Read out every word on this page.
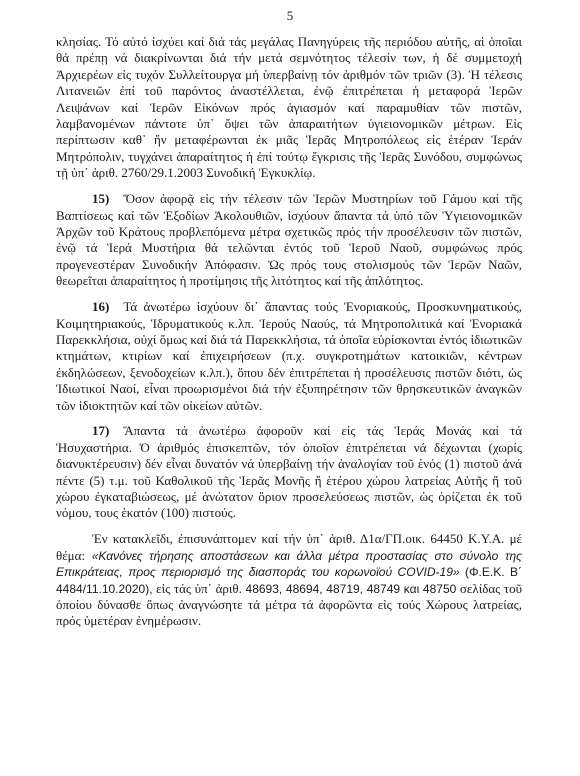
5

κλησίας. Τό αὐτό ἰσχύει καί διά τάς μεγάλας Πανηγύρεις τῆς περιόδου αὐτῆς, αἱ ὁποῖαι θά πρέπῃ νά διακρίνωνται διά τήν μετά σεμνότητος τέλεσίν των, ἡ δέ συμμετοχή Ἀρχιερέων εἰς τυχόν Συλλείτουργα μή ὑπερβαίνῃ τόν ἀριθμόν τῶν τριῶν (3). Ἡ τέλεσις Λιτανειῶν ἐπί τοῦ παρόντος ἀναστέλλεται, ἐνῷ ἐπιτρέπεται ἡ μεταφορά Ἱερῶν Λειψάνων καί Ἱερῶν Εἰκόνων πρός ἁγιασμόν καί παραμυθίαν τῶν πιστῶν, λαμβανομένων πάντοτε ὑπ᾽ ὄψει τῶν ἀπαραιτήτων ὑγιειονομικῶν μέτρων. Εἰς περίπτωσιν καθ᾽ ἥν μεταφέρωνται ἐκ μιᾶς Ἱερᾶς Μητροπόλεως εἰς ἑτέραν Ἱεράν Μητρόπολιν, τυγχάνει ἀπαραίτητος ἡ ἐπί τούτῳ ἔγκρισις τῆς Ἱερᾶς Συνόδου, συμφώνως τῇ ὑπ᾽ ἀριθ. 2760/29.1.2003 Συνοδική Ἐγκυκλίῳ.

15) Ὅσον ἀφορᾷ εἰς τήν τέλεσιν τῶν Ἱερῶν Μυστηρίων τοῦ Γάμου καί τῆς Βαπτίσεως καί τῶν Ἐξοδίων Ἀκολουθιῶν, ἰσχύουν ἅπαντα τά ὑπό τῶν Ὑγιειονομικῶν Ἀρχῶν τοῦ Κράτους προβλεπόμενα μέτρα σχετικῶς πρός τήν προσέλευσιν τῶν πιστῶν, ἐνῷ τά Ἱερά Μυστήρια θά τελῶνται ἐντός τοῦ Ἱεροῦ Ναοῦ, συμφώνως πρός προγενεστέραν Συνοδικήν Ἀπόφασιν. Ὡς πρός τους στολισμούς τῶν Ἱερῶν Ναῶν, θεωρεῖται ἀπαραίτητος ἡ προτίμησις τῆς λιτότητος καί τῆς ἁπλότητος.

16) Τά ἀνωτέρω ἰσχύουν δι᾽ ἅπαντας τούς Ἐνοριακούς, Προσκυνηματικούς, Κοιμητηριακούς, Ἱδρυματικούς κ.λπ. Ἱερούς Ναούς, τά Μητροπολιτικά καί Ἐνοριακά Παρεκκλήσια, οὐχί ὅμως καί διά τά Παρεκκλήσια, τά ὁποῖα εὑρίσκονται ἐντός ἰδιωτικῶν κτημάτων, κτιρίων καί ἐπιχειρήσεων (π.χ. συγκροτημάτων κατοικιῶν, κέντρων ἐκδηλώσεων, ξενοδοχείων κ.λπ.), ὅπου δέν ἐπιτρέπεται ἡ προσέλευσις πιστῶν διότι, ὡς Ἰδιωτικοί Ναοί, εἶναι προωρισμένοι διά τήν ἐξυπηρέτησιν τῶν θρησκευτικῶν ἀναγκῶν τῶν ἰδιοκτητῶν καί τῶν οἰκείων αὐτῶν.

17) Ἅπαντα τά ἀνωτέρω ἀφοροῦν καί εἰς τάς Ἱεράς Μονάς καί τά Ἡσυχαστήρια. Ὁ ἀριθμός ἐπισκεπτῶν, τόν ὁποῖον ἐπιτρέπεται νά δέχωνται (χωρίς διανυκτέρευσιν) δέν εἶναι δυνατόν νά ὑπερβαίνῃ τήν ἀναλογίαν τοῦ ἑνός (1) πιστοῦ ἀνά πέντε (5) τ.μ. τοῦ Καθολικοῦ τῆς Ἱερᾶς Μονῆς ἤ ἑτέρου χώρου λατρείας Αὐτῆς ἤ τοῦ χώρου ἐγκαταβιώσεως, μέ ἀνώτατον ὅριον προσελεύσεως πιστῶν, ὡς ὁρίζεται ἐκ τοῦ νόμου, τους ἑκατόν (100) πιστούς.

Ἐν κατακλεῖδι, ἐπισυνάπτομεν καί τήν ὑπ᾽ ἀριθ. Δ1α/ΓΠ.οικ. 64450 Κ.Υ.Α. μέ θέμα: «Κανόνες τήρησης αποστάσεων και άλλα μέτρα προστασίας στο σύνολο της Επικράτειας, προς περιορισμό της διασποράς του κορωνοϊού COVID-19» (Φ.Ε.Κ. Β΄ 4484/11.10.2020), εἰς τάς ὑπ᾽ ἀριθ. 48693, 48694, 48719, 48749 και 48750 σελίδας τοῦ ὁποίου δύνασθε ὅπως ἀναγνώσητε τά μέτρα τά ἀφορῶντα εἰς τούς Χώρους λατρείας, πρός ὑμετέραν ἐνημέρωσιν.
